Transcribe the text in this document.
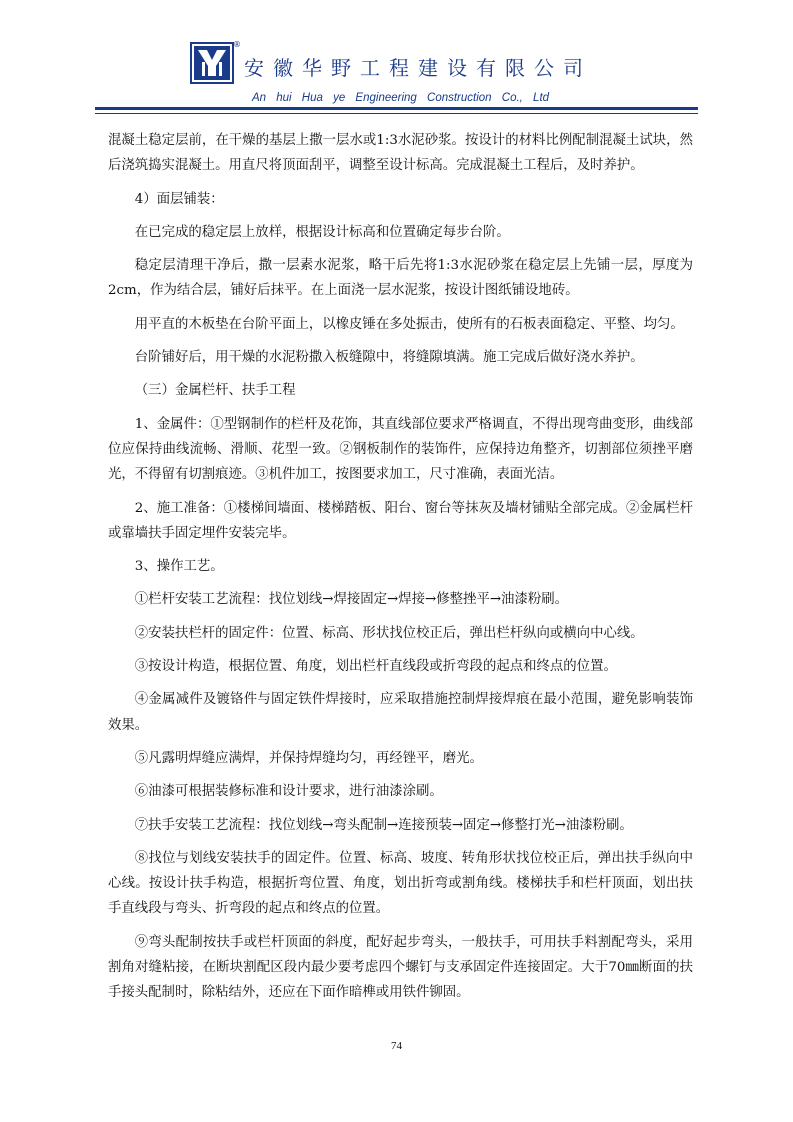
®
安徽华野工程建设有限公司
An hui Hua ye Engineering Construction Co., Ltd

混凝土稳定层前，在干燥的基层上撒一层水或1:3水泥砂浆。按设计的材料比例配制混凝土试块，然后浇筑捣实混凝土。用直尺将顶面刮平，调整至设计标高。完成混凝土工程后，及时养护。

4）面层铺装：

在已完成的稳定层上放样，根据设计标高和位置确定每步台阶。

稳定层清理干净后，撒一层素水泥浆，略干后先将1:3水泥砂浆在稳定层上先铺一层，厚度为2cm，作为结合层，铺好后抹平。在上面浇一层水泥浆，按设计图纸铺设地砖。

用平直的木板垫在台阶平面上，以橡皮锤在多处振击，使所有的石板表面稳定、平整、均匀。

台阶铺好后，用干燥的水泥粉撒入板缝隙中，将缝隙填满。施工完成后做好浇水养护。

（三）金属栏杆、扶手工程

1、金属件：①型钢制作的栏杆及花饰，其直线部位要求严格调直，不得出现弯曲变形，曲线部位应保持曲线流畅、滑顺、花型一致。②钢板制作的装饰件，应保持边角整齐，切割部位须挫平磨光，不得留有切割痕迹。③机件加工，按图要求加工，尺寸准确，表面光洁。

2、施工准备：①楼梯间墙面、楼梯踏板、阳台、窗台等抹灰及墙材铺贴全部完成。②金属栏杆或靠墙扶手固定埋件安装完毕。

3、操作工艺。

①栏杆安装工艺流程：找位划线→焊接固定→焊接→修整挫平→油漆粉刷。

②安装扶栏杆的固定件：位置、标高、形状找位校正后，弹出栏杆纵向或横向中心线。

③按设计构造，根据位置、角度，划出栏杆直线段或折弯段的起点和终点的位置。

④金属减件及镀铬件与固定铁件焊接时，应采取措施控制焊接焊痕在最小范围，避免影响装饰效果。

⑤凡露明焊缝应满焊，并保持焊缝均匀，再经锉平，磨光。

⑥油漆可根据装修标准和设计要求，进行油漆涂刷。

⑦扶手安装工艺流程：找位划线→弯头配制→连接预装→固定→修整打光→油漆粉刷。

⑧找位与划线安装扶手的固定件。位置、标高、坡度、转角形状找位校正后，弹出扶手纵向中心线。按设计扶手构造，根据折弯位置、角度，划出折弯或割角线。楼梯扶手和栏杆顶面，划出扶手直线段与弯头、折弯段的起点和终点的位置。

⑨弯头配制按扶手或栏杆顶面的斜度，配好起步弯头，一般扶手，可用扶手料割配弯头，采用割角对缝粘接，在断块割配区段内最少要考虑四个螺钉与支承固定件连接固定。大于70㎜断面的扶手接头配制时，除粘结外，还应在下面作暗榫或用铁件铆固。

74
